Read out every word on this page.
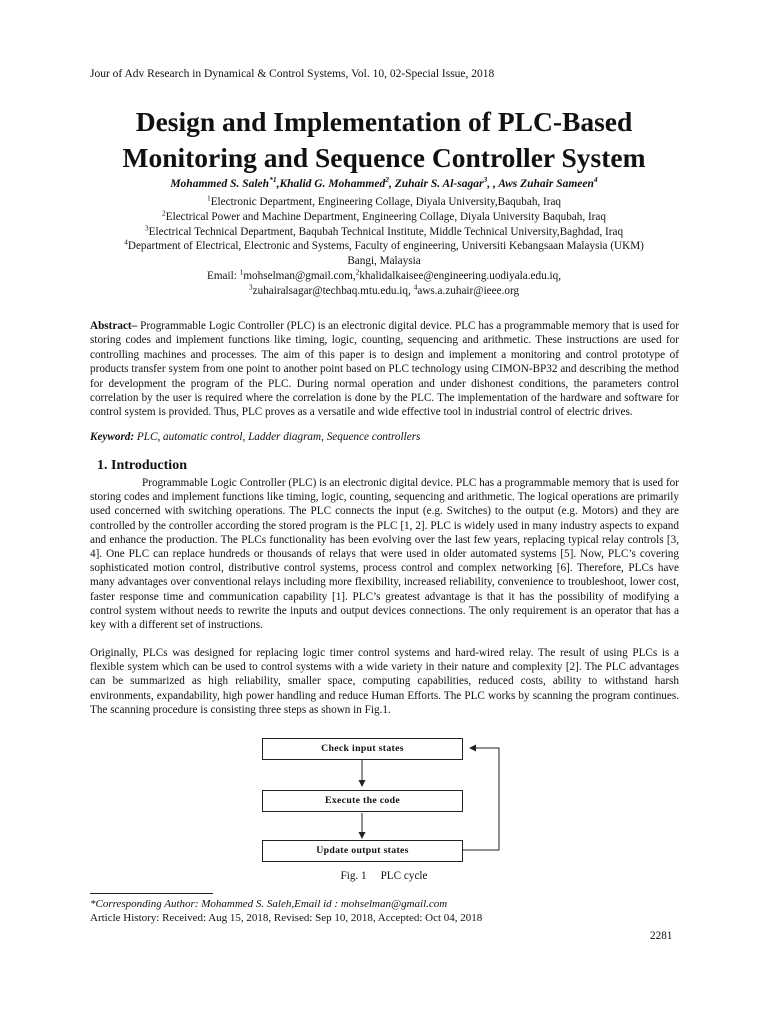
Jour of Adv Research in Dynamical & Control Systems, Vol. 10, 02-Special Issue, 2018
Design and Implementation of PLC-Based
Monitoring and Sequence Controller System
Mohammed S. Saleh$^{*1}$,Khalid G. Mohammed$^2$, Zuhair S. Al-sagar$^3$, , Aws Zuhair Sameen$^4$
$^1$Electronic Department, Engineering Collage, Diyala University,Baqubah, Iraq
$^2$Electrical Power and Machine Department, Engineering Collage, Diyala University Baqubah, Iraq
$^3$Electrical Technical Department, Baqubah Technical Institute, Middle Technical University,Baghdad, Iraq
$^4$Department of Electrical, Electronic and Systems, Faculty of engineering, Universiti Kebangsaan Malaysia (UKM)
Bangi, Malaysia
Email: $^1$mohselman@gmail.com,$^2$khalidalkaisee@engineering.uodiyala.edu.iq,
$^3$zuhairalsagar@techbaq.mtu.edu.iq, $^4$aws.a.zuhair@ieee.org
Abstract– Programmable Logic Controller (PLC) is an electronic digital device. PLC has a programmable memory that is used for storing codes and implement functions like timing, logic, counting, sequencing and arithmetic. These instructions are used for controlling machines and processes. The aim of this paper is to design and implement a monitoring and control prototype of products transfer system from one point to another point based on PLC technology using CIMON-BP32 and describing the method for development the program of the PLC. During normal operation and under dishonest conditions, the parameters control correlation by the user is required where the correlation is done by the PLC. The implementation of the hardware and software for control system is provided. Thus, PLC proves as a versatile and wide effective tool in industrial control of electric drives.
Keyword: PLC, automatic control, Ladder diagram, Sequence controllers
1. Introduction
Programmable Logic Controller (PLC) is an electronic digital device. PLC has a programmable memory that is used for storing codes and implement functions like timing, logic, counting, sequencing and arithmetic. The logical operations are primarily used concerned with switching operations. The PLC connects the input (e.g. Switches) to the output (e.g. Motors) and they are controlled by the controller according the stored program is the PLC [1, 2]. PLC is widely used in many industry aspects to expand and enhance the production. The PLCs functionality has been evolving over the last few years, replacing typical relay controls [3, 4]. One PLC can replace hundreds or thousands of relays that were used in older automated systems [5]. Now, PLC’s covering sophisticated motion control, distributive control systems, process control and complex networking [6]. Therefore, PLCs have many advantages over conventional relays including more flexibility, increased reliability, convenience to troubleshoot, lower cost, faster response time and communication capability [1]. PLC’s greatest advantage is that it has the possibility of modifying a control system without needs to rewrite the inputs and output devices connections. The only requirement is an operator that has a key with a different set of instructions.
Originally, PLCs was designed for replacing logic timer control systems and hard-wired relay. The result of using PLCs is a flexible system which can be used to control systems with a wide variety in their nature and complexity [2]. The PLC advantages can be summarized as high reliability, smaller space, computing capabilities, reduced costs, ability to withstand harsh environments, expandability, high power handling and reduce Human Efforts. The PLC works by scanning the program continues. The scanning procedure is consisting three steps as shown in Fig.1.
Check input states
Execute the code
Update output states
Fig. 1     PLC cycle
*Corresponding Author: Mohammed S. Saleh,Email id : mohselman@gmail.com
Article History: Received: Aug 15, 2018, Revised: Sep 10, 2018, Accepted: Oct 04, 2018
2281
